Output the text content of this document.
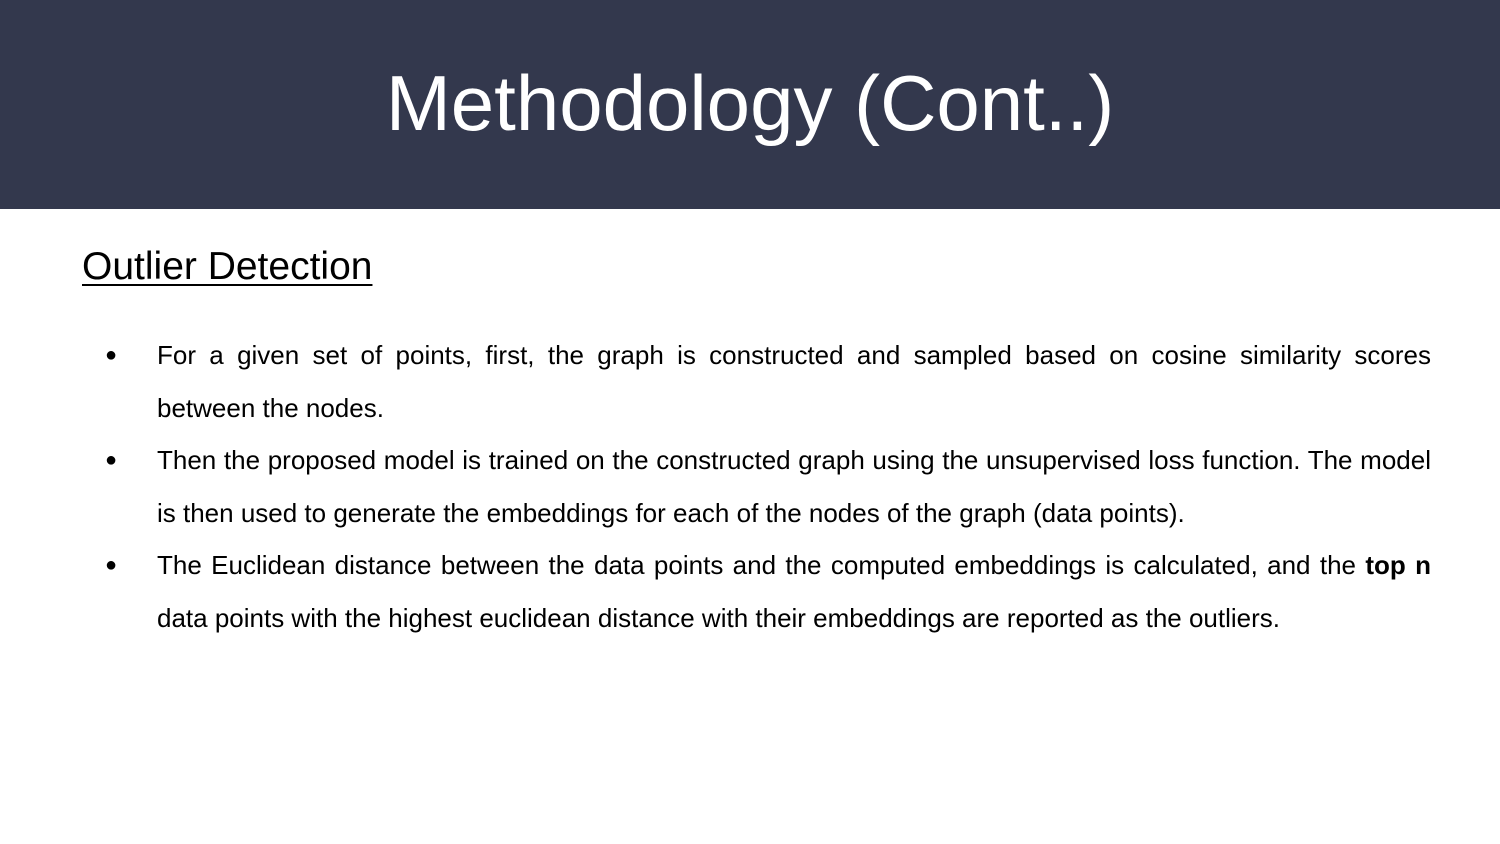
Methodology (Cont..)
Outlier Detection
● For a given set of points, first, the graph is constructed and sampled based on cosine similarity scores between the nodes.
● Then the proposed model is trained on the constructed graph using the unsupervised loss function. The model is then used to generate the embeddings for each of the nodes of the graph (data points).
● The Euclidean distance between the data points and the computed embeddings is calculated, and the top n data points with the highest euclidean distance with their embeddings are reported as the outliers.
